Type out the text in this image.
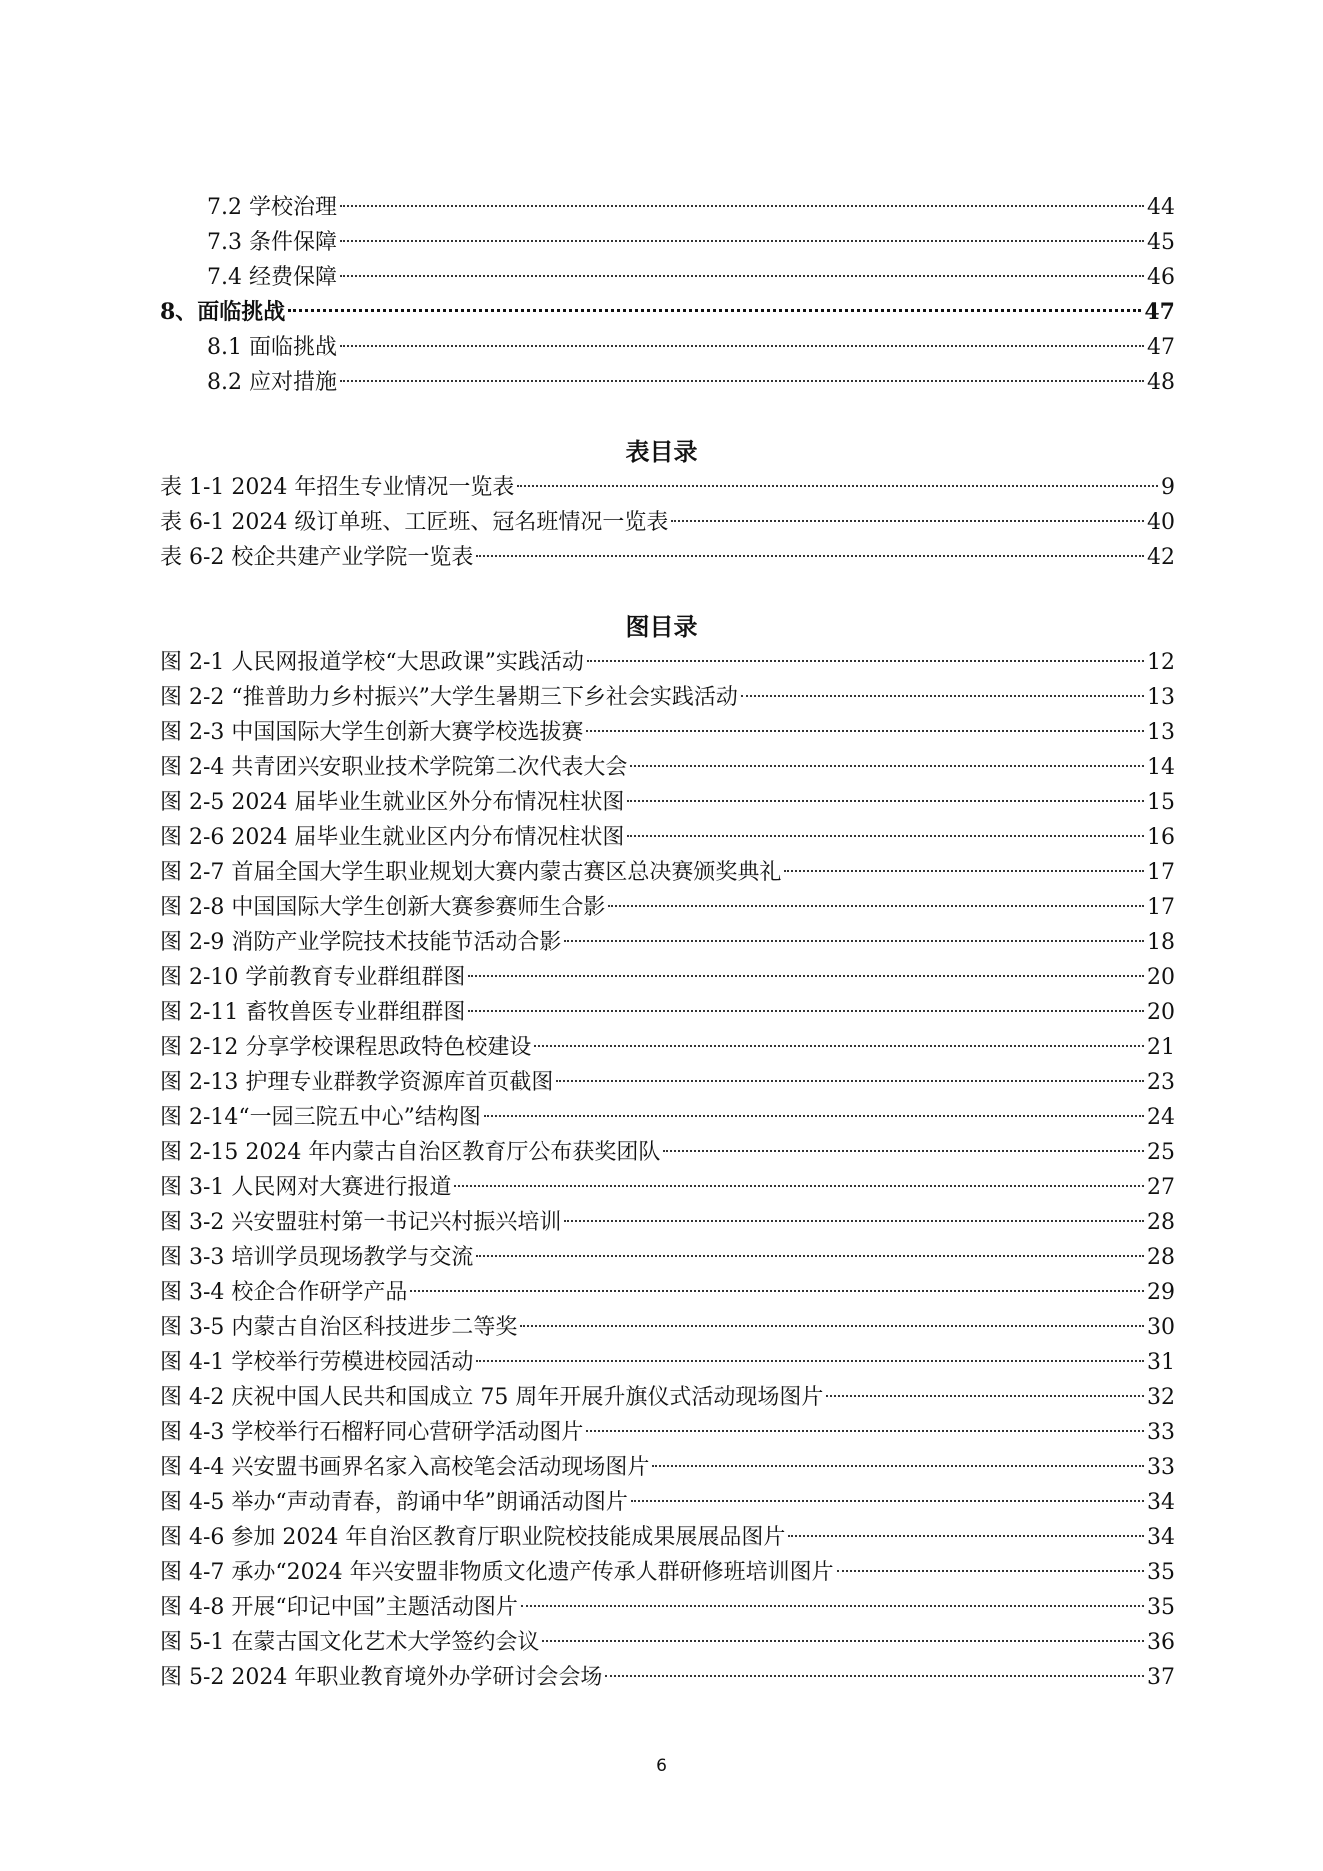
7.2 学校治理	44
7.3 条件保障	45
7.4 经费保障	46
8、面临挑战	47
8.1 面临挑战	47
8.2 应对措施	48
表目录
表 1-1 2024 年招生专业情况一览表	9
表 6-1 2024 级订单班、工匠班、冠名班情况一览表	40
表 6-2 校企共建产业学院一览表	42
图目录
图 2-1 人民网报道学校“大思政课”实践活动	12
图 2-2 “推普助力乡村振兴”大学生暑期三下乡社会实践活动	13
图 2-3 中国国际大学生创新大赛学校选拔赛	13
图 2-4 共青团兴安职业技术学院第二次代表大会	14
图 2-5 2024 届毕业生就业区外分布情况柱状图	15
图 2-6 2024 届毕业生就业区内分布情况柱状图	16
图 2-7 首届全国大学生职业规划大赛内蒙古赛区总决赛颁奖典礼	17
图 2-8 中国国际大学生创新大赛参赛师生合影	17
图 2-9 消防产业学院技术技能节活动合影	18
图 2-10 学前教育专业群组群图	20
图 2-11 畜牧兽医专业群组群图	20
图 2-12 分享学校课程思政特色校建设	21
图 2-13 护理专业群教学资源库首页截图	23
图 2-14“一园三院五中心”结构图	24
图 2-15 2024 年内蒙古自治区教育厅公布获奖团队	25
图 3-1 人民网对大赛进行报道	27
图 3-2 兴安盟驻村第一书记兴村振兴培训	28
图 3-3 培训学员现场教学与交流	28
图 3-4 校企合作研学产品	29
图 3-5 内蒙古自治区科技进步二等奖	30
图 4-1 学校举行劳模进校园活动	31
图 4-2 庆祝中国人民共和国成立 75 周年开展升旗仪式活动现场图片	32
图 4-3 学校举行石榴籽同心营研学活动图片	33
图 4-4 兴安盟书画界名家入高校笔会活动现场图片	33
图 4-5 举办“声动青春，韵诵中华”朗诵活动图片	34
图 4-6 参加 2024 年自治区教育厅职业院校技能成果展展品图片	34
图 4-7 承办“2024 年兴安盟非物质文化遗产传承人群研修班培训图片	35
图 4-8 开展“印记中国”主题活动图片	35
图 5-1 在蒙古国文化艺术大学签约会议	36
图 5-2 2024 年职业教育境外办学研讨会会场	37
6
